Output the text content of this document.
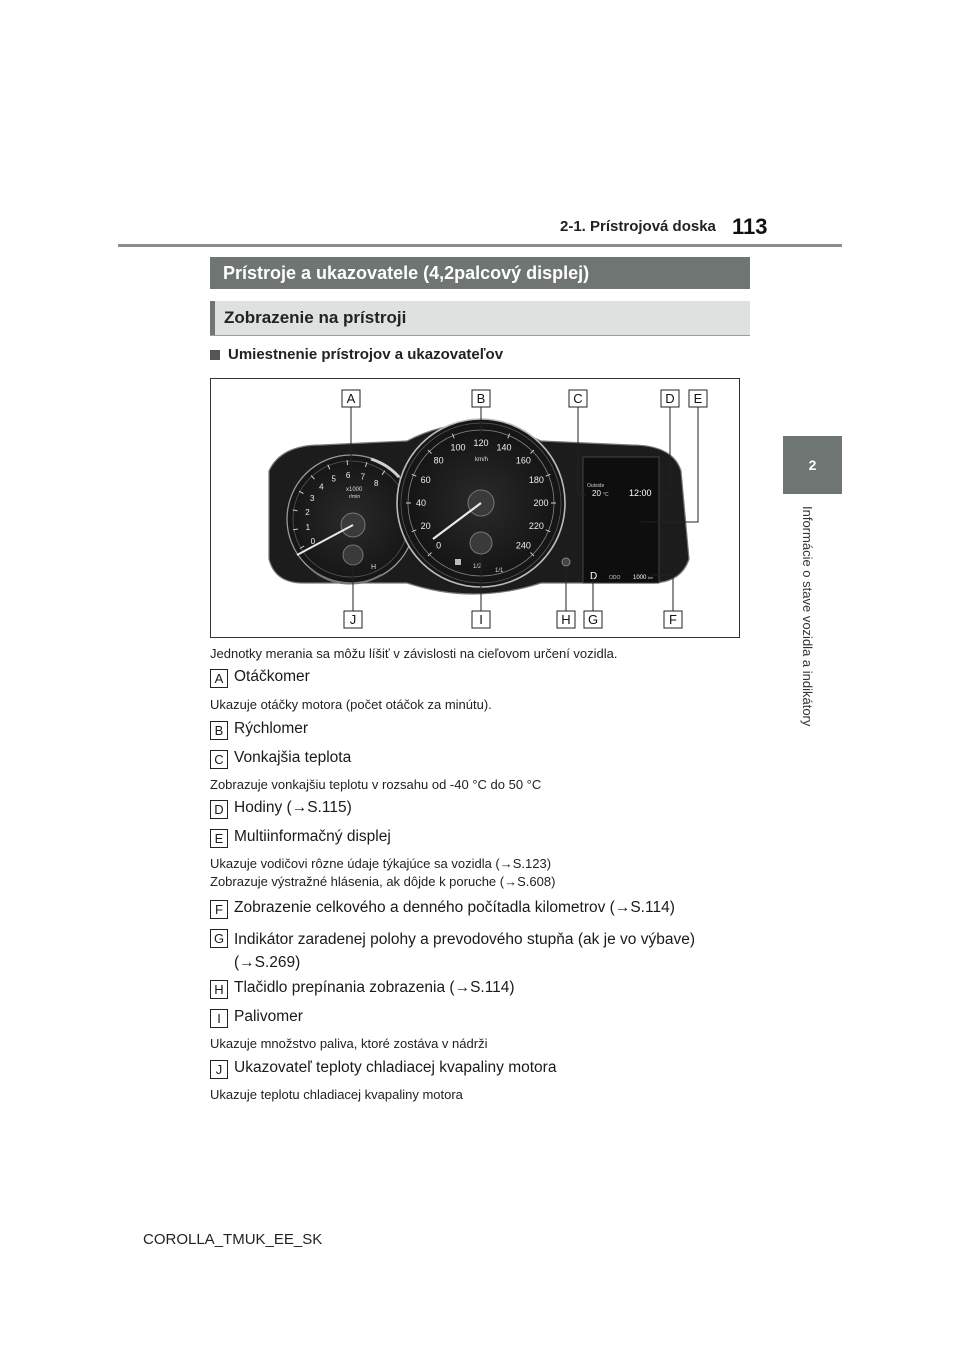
2-1. Prístrojová doska 113
2
Informácie o stave vozidla a indikátory
Prístroje a ukazovatele (4,2palcový displej)
Zobrazenie na prístroji
Umiestnenie prístrojov a ukazovateľov
0
1
2
3
4
5 6 7
8
x1000
r/min
H
0
20
40
60
80
100 120 140
160
180
200
220
240
km/h
1/2
1/1
Outside
20 °C 12:00
D ODO 1000 km
A	B	C	D E
J	I	H G	F
Jednotky merania sa môžu líšiť v závislosti na cieľovom určení vozidla.
A Otáčkomer
Ukazuje otáčky motora (počet otáčok za minútu).
B Rýchlomer
C Vonkajšia teplota
Zobrazuje vonkajšiu teplotu v rozsahu od -40 °C do 50 °C
D Hodiny (→S.115)
E Multiinformačný displej
Ukazuje vodičovi rôzne údaje týkajúce sa vozidla (→S.123)
Zobrazuje výstražné hlásenia, ak dôjde k poruche (→S.608)
F Zobrazenie celkového a denného počítadla kilometrov (→S.114)
G Indikátor zaradenej polohy a prevodového stupňa (ak je vo výbave) (→S.269)
H Tlačidlo prepínania zobrazenia (→S.114)
I Palivomer
Ukazuje množstvo paliva, ktoré zostáva v nádrži
J Ukazovateľ teploty chladiacej kvapaliny motora
Ukazuje teplotu chladiacej kvapaliny motora
COROLLA_TMUK_EE_SK
